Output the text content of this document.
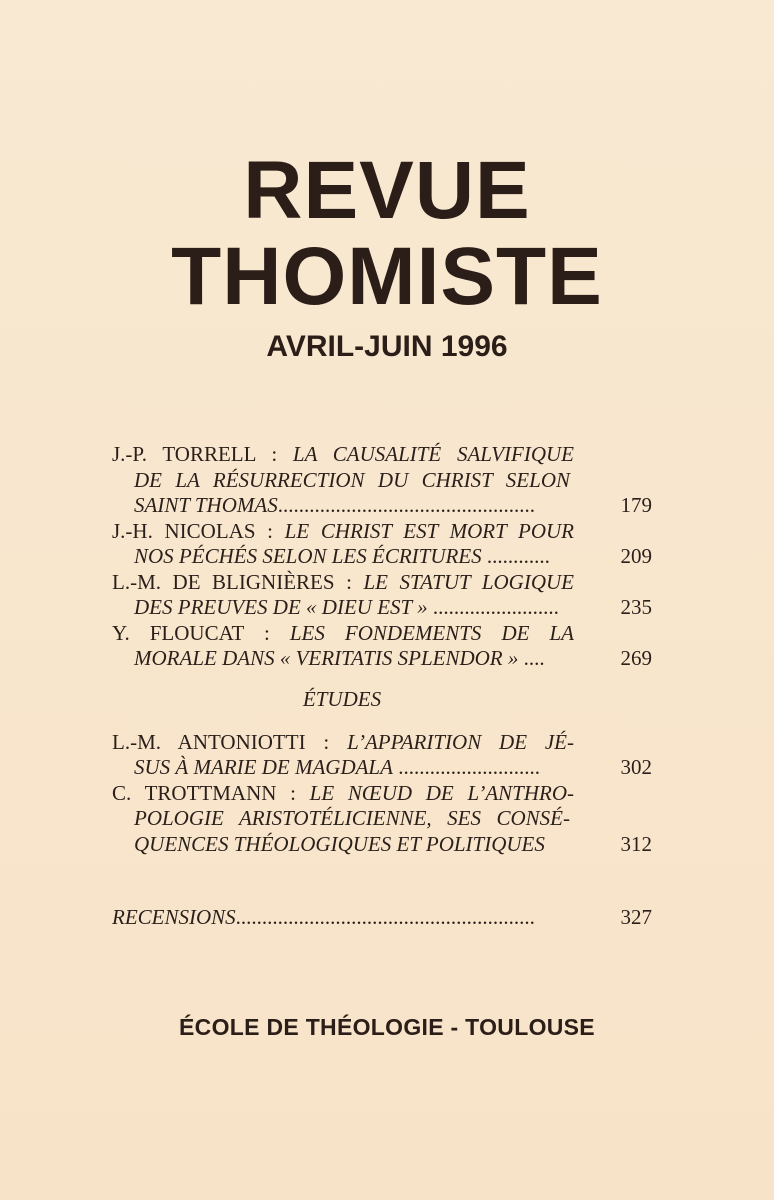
REVUE
THOMISTE
AVRIL-JUIN 1996
J.-P. TORRELL : LA CAUSALITÉ SALVIFIQUE
DE LA RÉSURRECTION DU CHRIST SELON
SAINT THOMAS.................................................	179
J.-H. NICOLAS : LE CHRIST EST MORT POUR
NOS PÉCHÉS SELON LES ÉCRITURES ............	209
L.-M. DE BLIGNIÈRES : LE STATUT LOGIQUE
DES PREUVES DE « DIEU EST » ........................	235
Y. FLOUCAT : LES FONDEMENTS DE LA
MORALE DANS « VERITATIS SPLENDOR » ....	269
ÉTUDES
L.-M. ANTONIOTTI : L’APPARITION DE JÉ-
SUS À MARIE DE MAGDALA ...........................	302
C. TROTTMANN : LE NŒUD DE L’ANTHRO-
POLOGIE ARISTOTÉLICIENNE, SES CONSÉ-
QUENCES THÉOLOGIQUES ET POLITIQUES	312
RECENSIONS.........................................................	327
ÉCOLE DE THÉOLOGIE - TOULOUSE
